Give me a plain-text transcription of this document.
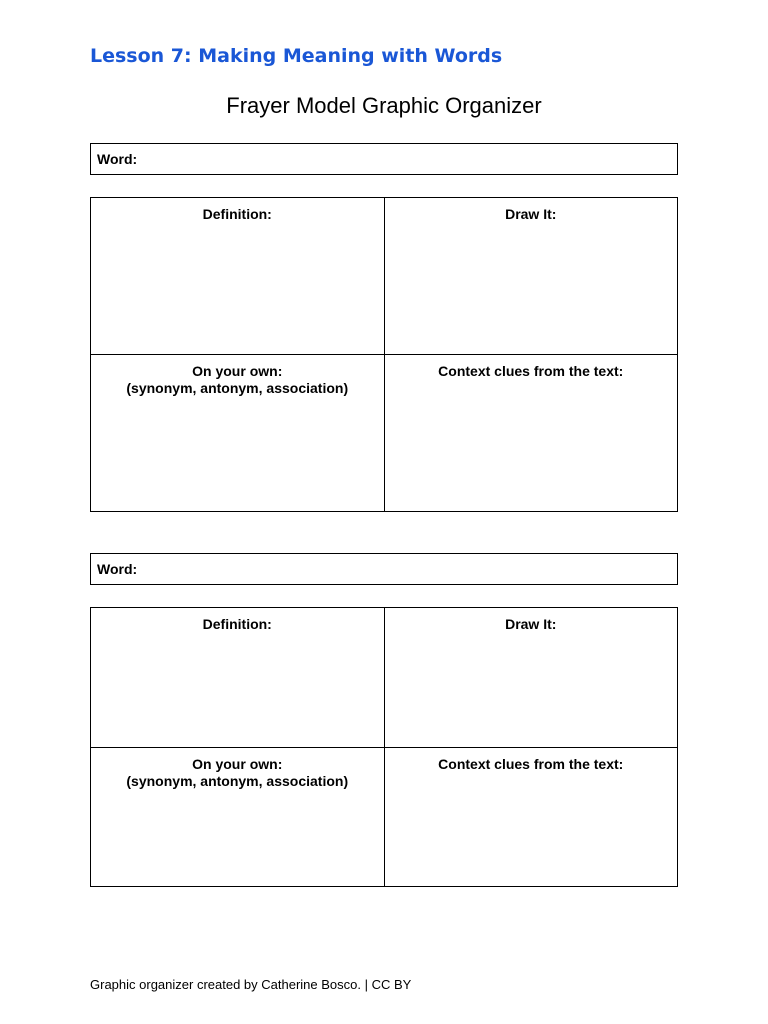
Lesson 7: Making Meaning with Words
Frayer Model Graphic Organizer
Word:
Definition:	Draw It:

On your own:
(synonym, antonym, association)	Context clues from the text:
Word:
Definition:	Draw It:

On your own:
(synonym, antonym, association)	Context clues from the text:
Graphic organizer created by Catherine Bosco. | CC BY
